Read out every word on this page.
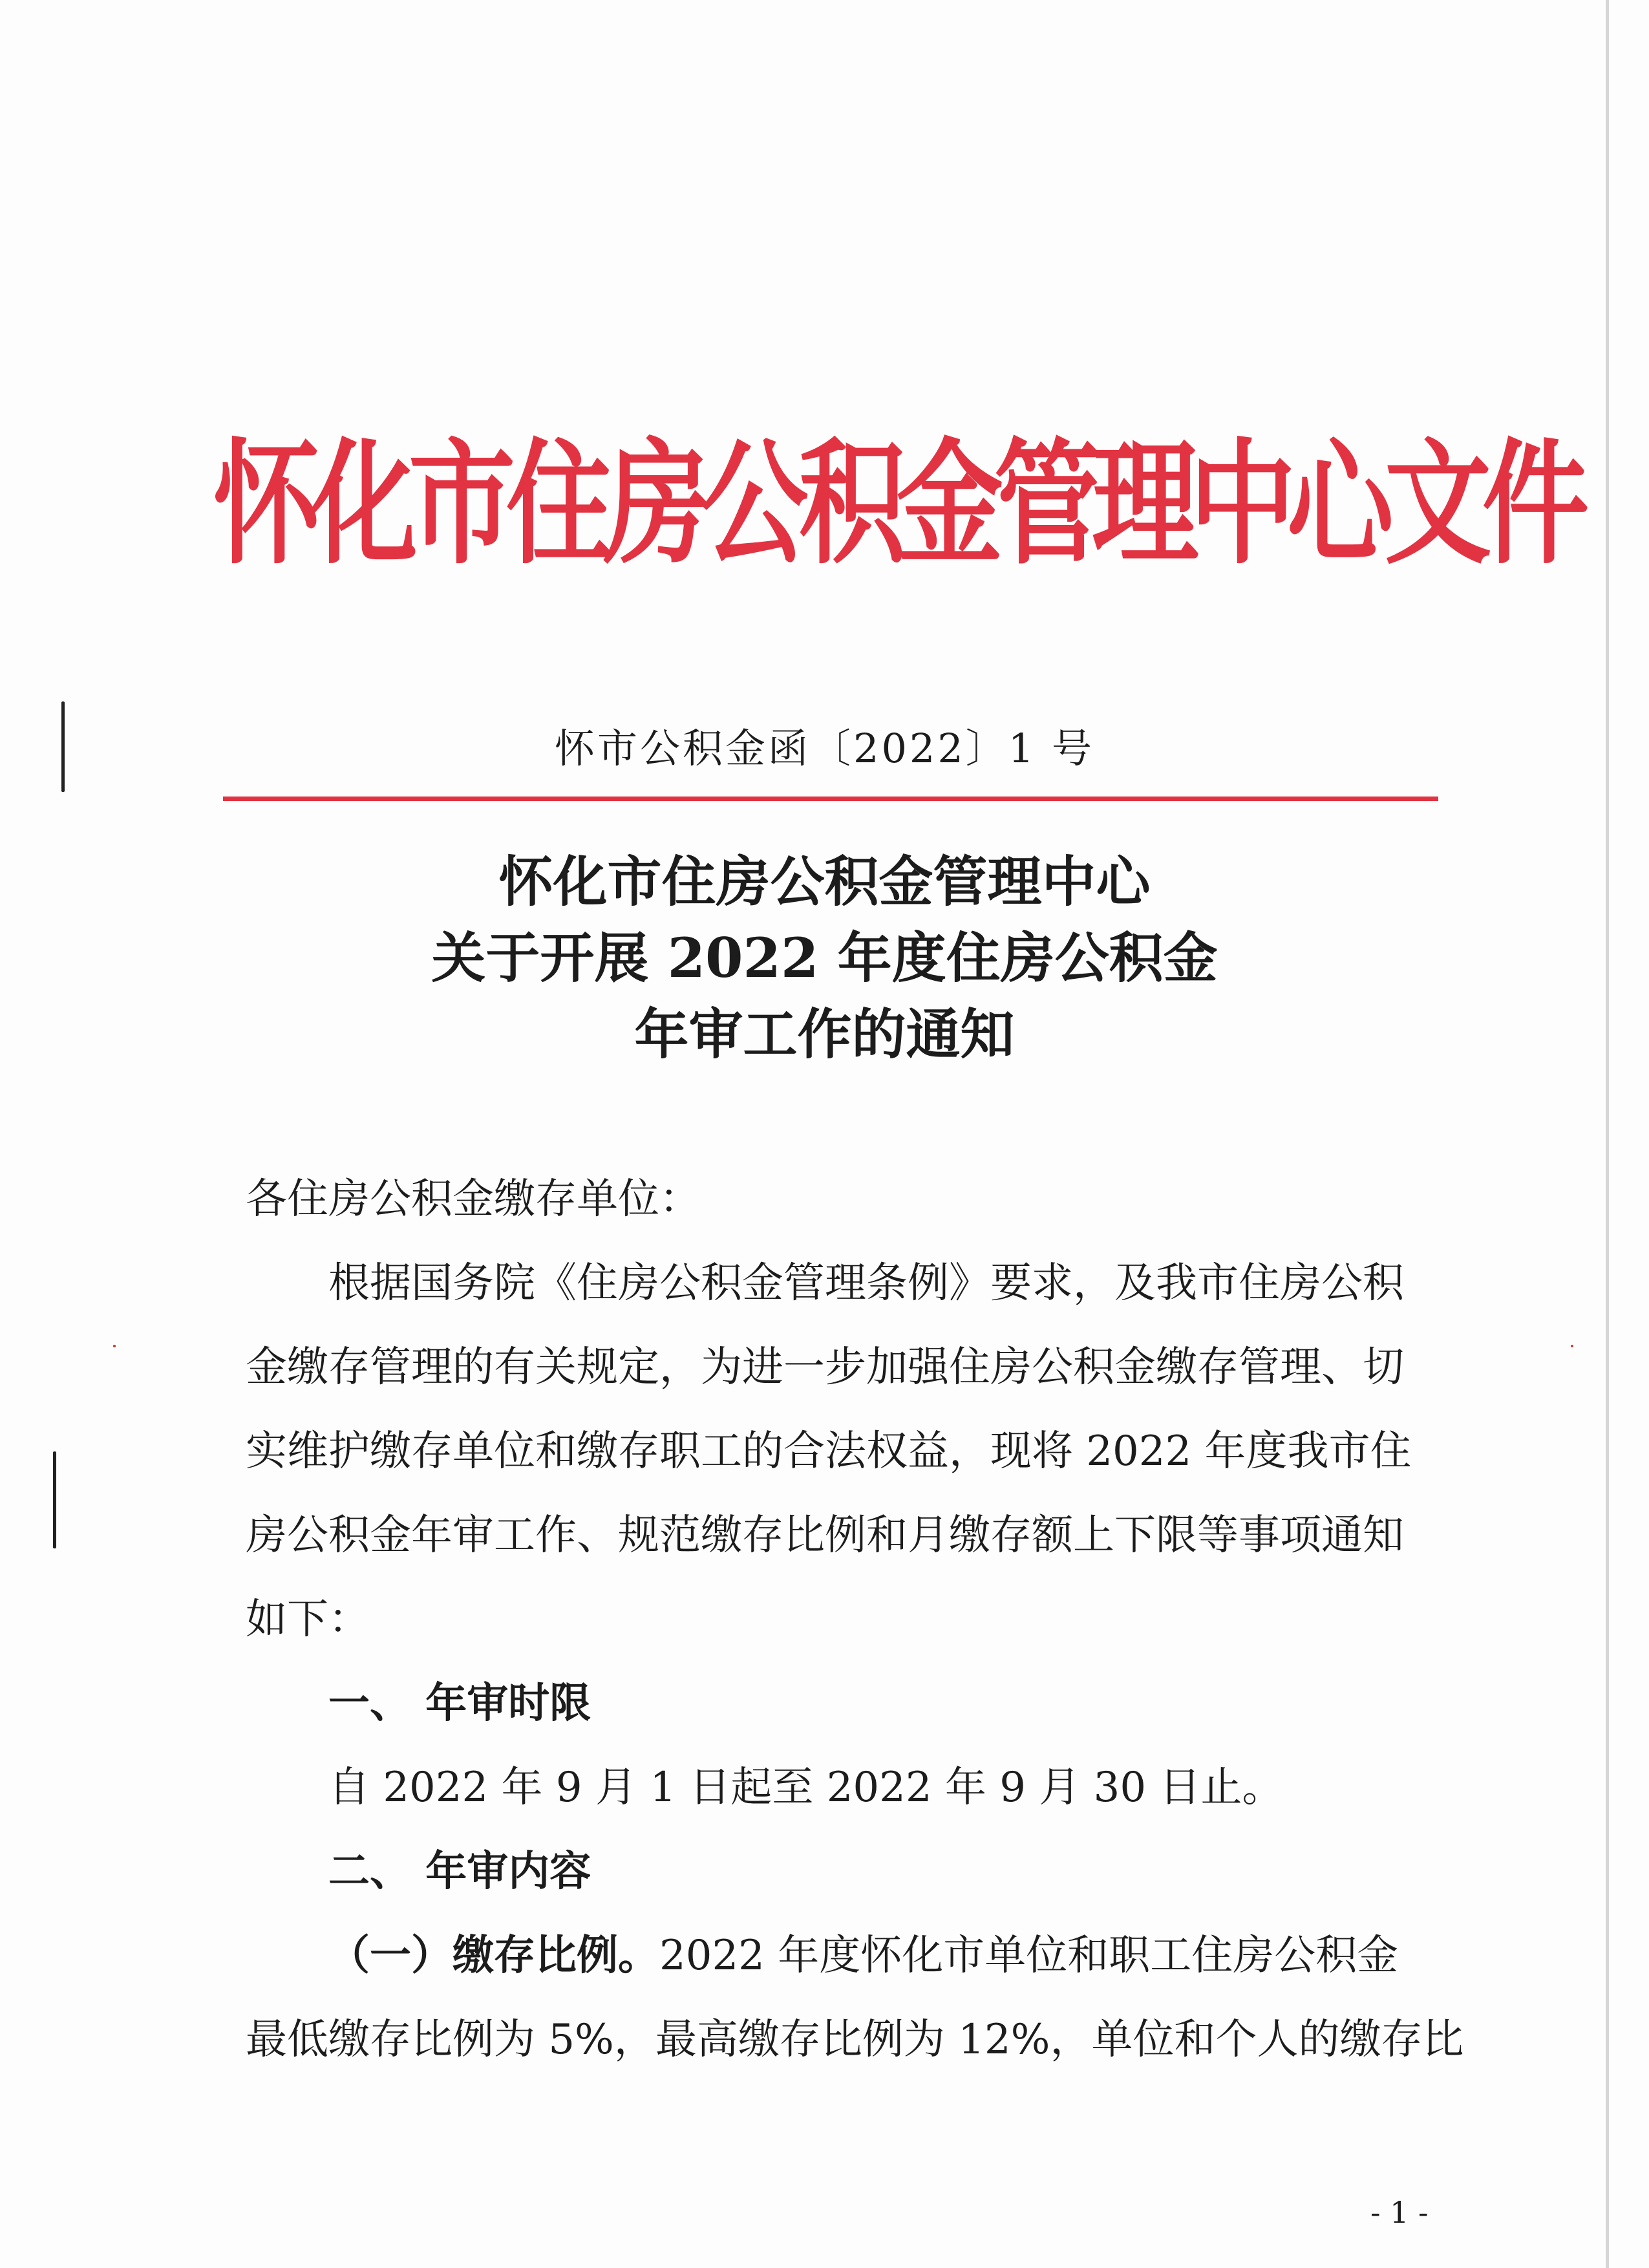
怀化市住房公积金管理中心文件
怀市公积金函〔2022〕1 号
怀化市住房公积金管理中心
关于开展 2022 年度住房公积金
年审工作的通知
各住房公积金缴存单位：
根据国务院《住房公积金管理条例》要求，及我市住房公积
金缴存管理的有关规定，为进一步加强住房公积金缴存管理、切
实维护缴存单位和缴存职工的合法权益，现将 2022 年度我市住
房公积金年审工作、规范缴存比例和月缴存额上下限等事项通知
如下：
一、 年审时限
自 2022 年 9 月 1 日起至 2022 年 9 月 30 日止。
二、 年审内容
（一）缴存比例。2022 年度怀化市单位和职工住房公积金
最低缴存比例为 5%，最高缴存比例为 12%，单位和个人的缴存比
- 1 -
